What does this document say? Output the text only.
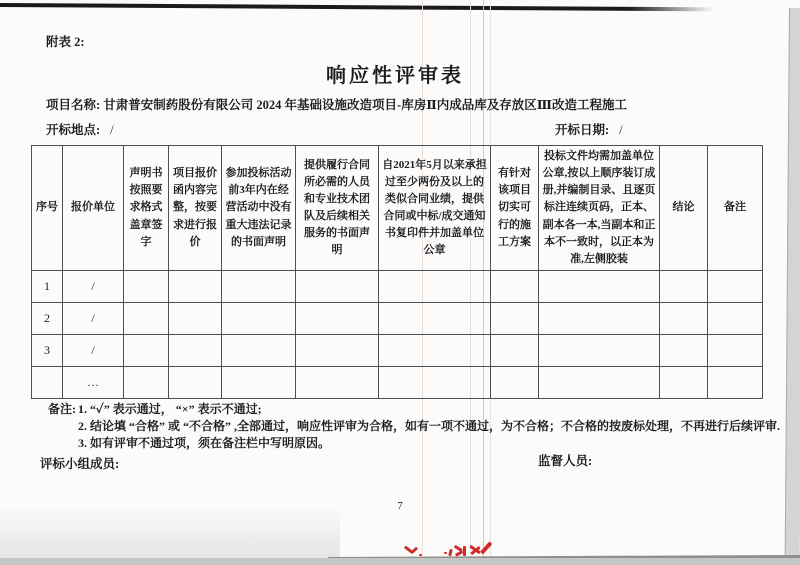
附表 2:
响应性评审表
项目名称: 甘肃普安制药股份有限公司 2024 年基础设施改造项目-库房Ⅱ内成品库及存放区Ⅲ改造工程施工
开标地点: /	开标日期: /
序号	报价单位	声明书按照要求格式盖章签字	项目报价函内容完整，按要求进行报价	参加投标活动前3年内在经营活动中没有重大违法记录的书面声明	提供履行合同所必需的人员和专业技术团队及后续相关服务的书面声明	自2021年5月以来承担过至少两份及以上的类似合同业绩，提供合同或中标/成交通知书复印件并加盖单位公章	有针对该项目切实可行的施工方案	投标文件均需加盖单位公章,按以上顺序装订成册,并编制目录、且逐页标注连续页码，正本、副本各一本,当副本和正本不一致时，以正本为准,左侧胶装	结论	备注
1	/									
2	/									
3	/									
	…									
备注: 1. “✓” 表示通过， “×” 表示不通过;
2. 结论填 “合格” 或 “不合格” ,全部通过，响应性评审为合格，如有一项不通过，为不合格；不合格的按废标处理，不再进行后续评审.
3. 如有评审不通过项，须在备注栏中写明原因。
评标小组成员:	监督人员:
7
